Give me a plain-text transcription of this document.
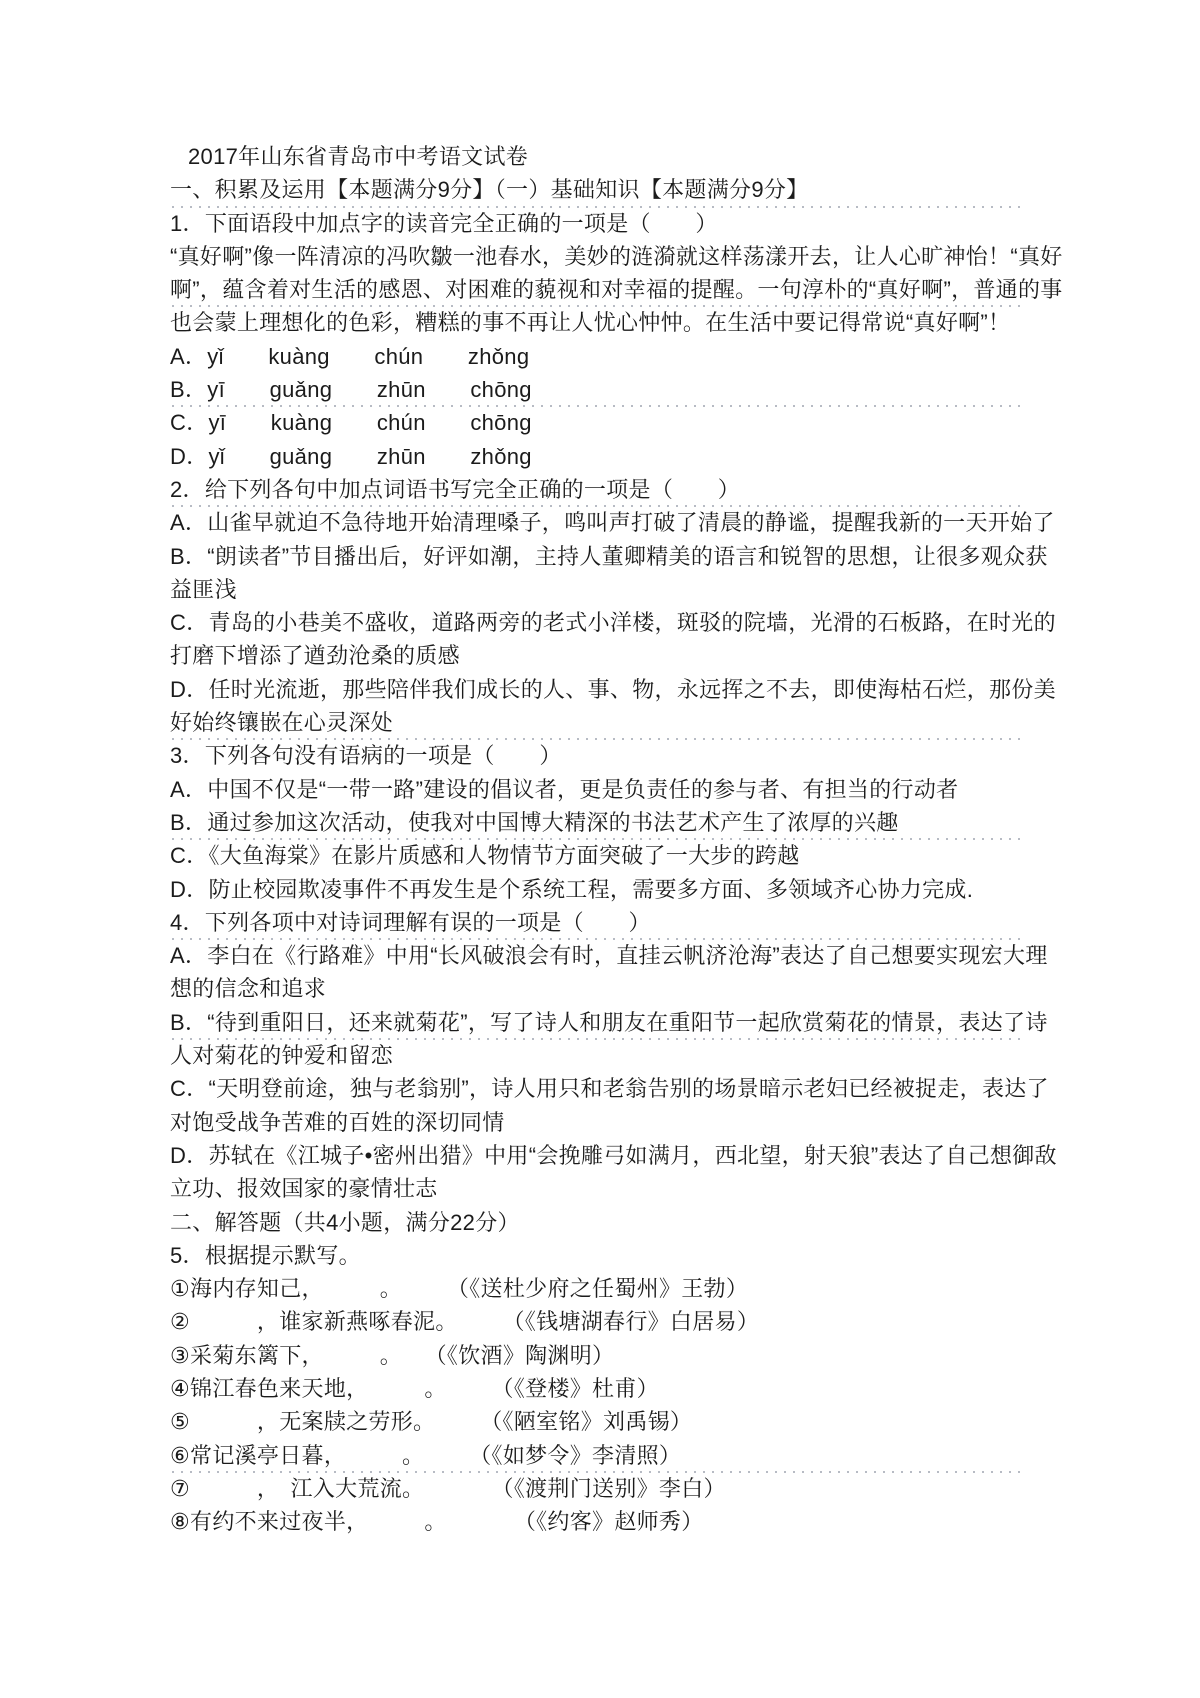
2017年山东省青岛市中考语文试卷
一、积累及运用【本题满分9分】（一）基础知识【本题满分9分】
1．下面语段中加点字的读音完全正确的一项是（　　）
“真好啊”像一阵清凉的冯吹皺一池春水，美妙的涟漪就这样荡漾开去，让人心旷神怡！“真好
啊”，蕴含着对生活的感恩、对困难的藐视和对幸福的提醒。一句淳朴的“真好啊”，普通的事
也会蒙上理想化的色彩，糟糕的事不再让人忧心忡忡。在生活中要记得常说“真好啊”！
A．yǐ　　kuàng　　chún　　zhǒng
B．yī　　guǎng　　zhūn　　chōng
C．yī　　kuàng　　chún　　chōng
D．yǐ　　guǎng　　zhūn　　zhǒng
2．给下列各句中加点词语书写完全正确的一项是（　　）
A．山雀早就迫不急待地开始清理嗓子，鸣叫声打破了清晨的静谧，提醒我新的一天开始了
B．“朗读者”节目播出后，好评如潮，主持人董卿精美的语言和锐智的思想，让很多观众获
益匪浅
C．青岛的小巷美不盛收，道路两旁的老式小洋楼，斑驳的院墙，光滑的石板路，在时光的
打磨下增添了遒劲沧桑的质感
D．任时光流逝，那些陪伴我们成长的人、事、物，永远挥之不去，即使海枯石烂，那份美
好始终镶嵌在心灵深处
3．下列各句没有语病的一项是（　　）
A．中国不仅是“一带一路”建设的倡议者，更是负责任的参与者、有担当的行动者
B．通过参加这次活动，使我对中国博大精深的书法艺术产生了浓厚的兴趣
C．《大鱼海棠》在影片质感和人物情节方面突破了一大步的跨越
D．防止校园欺凌事件不再发生是个系统工程，需要多方面、多领域齐心协力完成.
4．下列各项中对诗词理解有误的一项是（　　）
A．李白在《行路难》中用“长风破浪会有时，直挂云帆济沧海”表达了自己想要实现宏大理
想的信念和追求
B．“待到重阳日，还来就菊花”，写了诗人和朋友在重阳节一起欣赏菊花的情景，表达了诗
人对菊花的钟爱和留恋
C．“天明登前途，独与老翁别”，诗人用只和老翁告别的场景暗示老妇已经被捉走，表达了
对饱受战争苦难的百姓的深切同情
D．苏轼在《江城子•密州出猎》中用“会挽雕弓如满月，西北望，射天狼”表达了自己想御敌
立功、报效国家的豪情壮志
二、解答题（共4小题，满分22分）
5．根据提示默写。
①海内存知己，　　　。　　　（《送杜少府之任蜀州》王勃）
②　　　，谁家新燕啄春泥。　　　（《钱塘湖春行》白居易）
③采菊东篱下，　　　。　　（《饮酒》陶渊明）
④锦江春色来天地，　　　。　　　（《登楼》杜甫）
⑤　　　，无案牍之劳形。　　　（《陋室铭》刘禹锡）
⑥常记溪亭日暮，　　　。　　　（《如梦令》李清照）
⑦　　　，　江入大荒流。　　　　（《渡荆门送别》李白）
⑧有约不来过夜半，　　　。　　　　（《约客》赵师秀）
